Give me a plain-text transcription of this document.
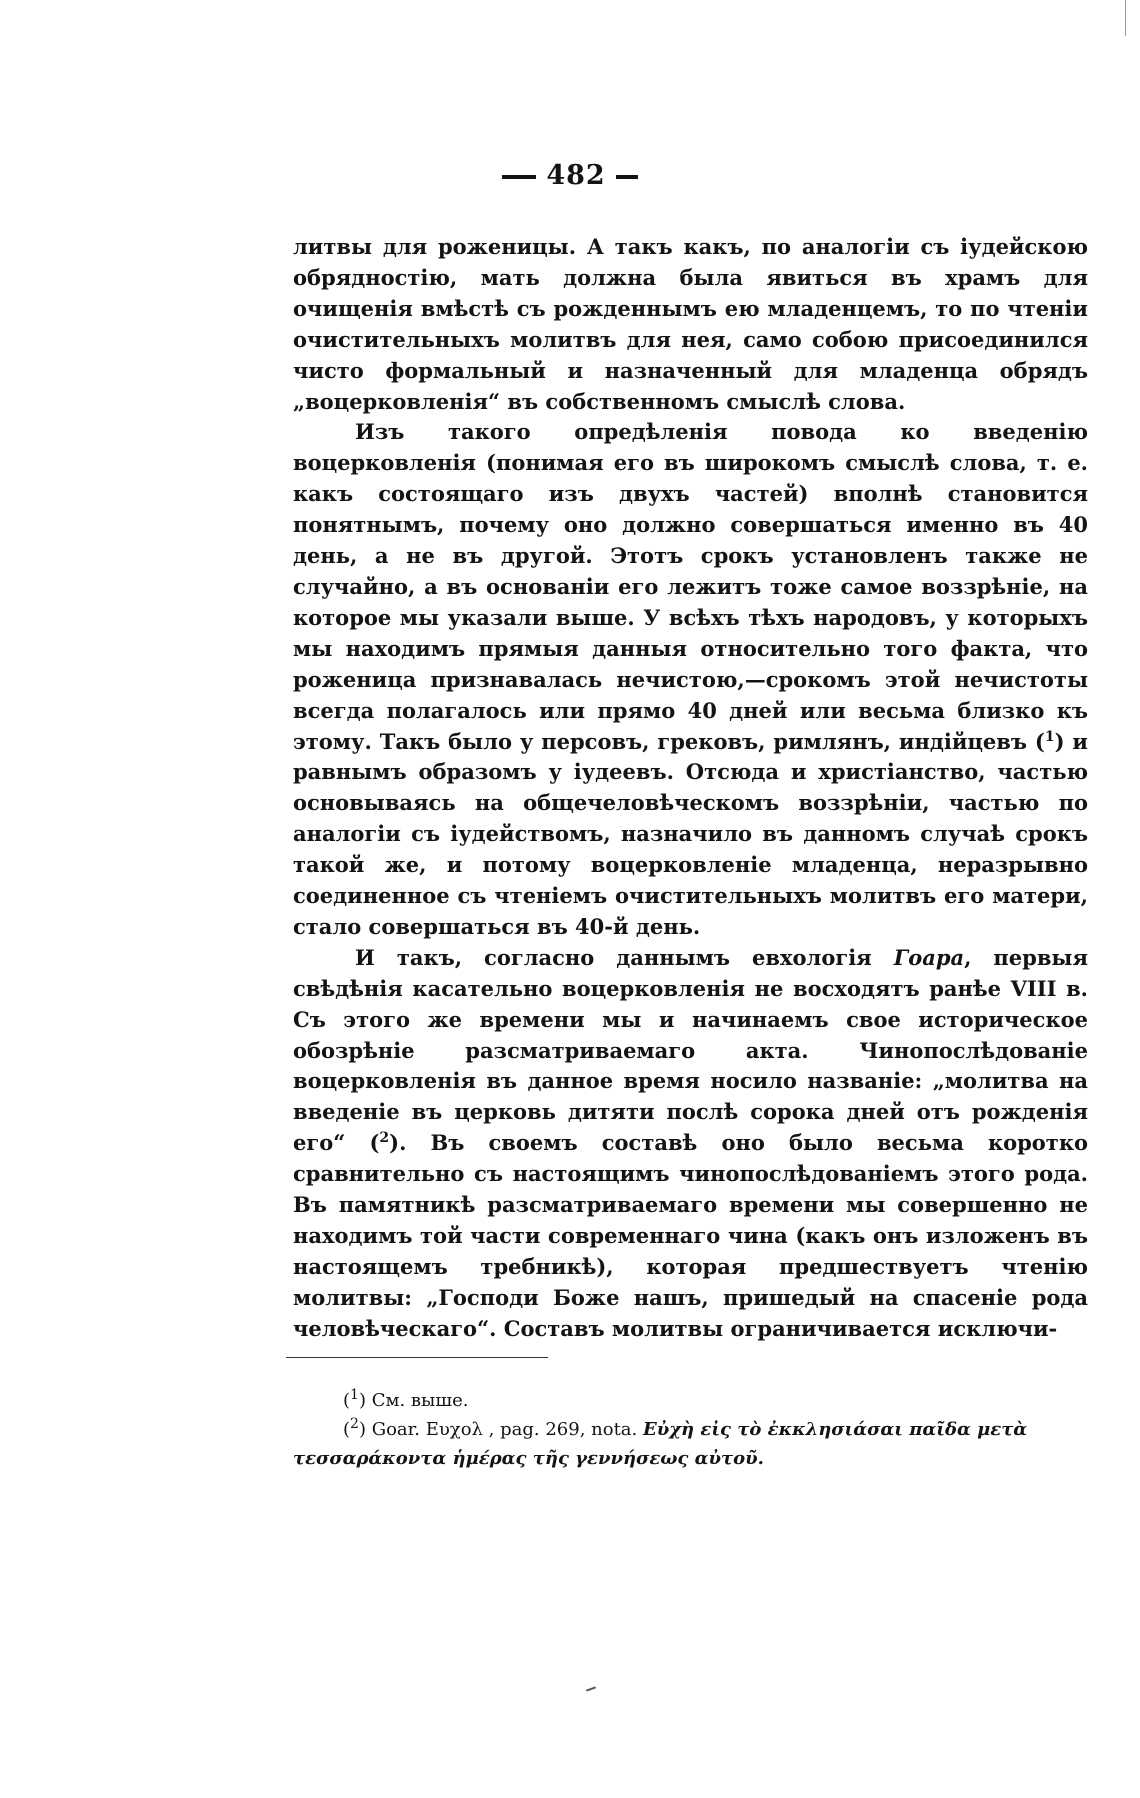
482

литвы для роженицы. А такъ какъ, по аналогіи съ іудейскою обрядностію, мать должна была явиться въ храмъ для очищенія вмѣстѣ съ рожденнымъ ею младенцемъ, то по чтеніи очистительныхъ молитвъ для нея, само собою присоединился чисто формальный и назначенный для младенца обрядъ „воцерковленія“ въ собственномъ смыслѣ слова.

Изъ такого опредѣленія повода ко введенію воцерковленія (понимая его въ широкомъ смыслѣ слова, т. е. какъ состоящаго изъ двухъ частей) вполнѣ становится понятнымъ, почему оно должно совершаться именно въ 40 день, а не въ другой. Этотъ срокъ установленъ также не случайно, а въ основаніи его лежитъ тоже самое воззрѣніе, на которое мы указали выше. У всѣхъ тѣхъ народовъ, у которыхъ мы находимъ прямыя данныя относительно того факта, что роженица признавалась нечистою,—срокомъ этой нечистоты всегда полагалось или прямо 40 дней или весьма близко къ этому. Такъ было у персовъ, грековъ, римлянъ, индійцевъ ($^1$) и равнымъ образомъ у іудеевъ. Отсюда и христіанство, частью основываясь на общечеловѣческомъ воззрѣніи, частью по аналогіи съ іудействомъ, назначило въ данномъ случаѣ срокъ такой же, и потому воцерковленіе младенца, неразрывно соединенное съ чтеніемъ очистительныхъ молитвъ его матери, стало совершаться въ 40-й день.

И такъ, согласно даннымъ евхологія Гоара, первыя свѣдѣнія касательно воцерковленія не восходятъ ранѣе VIII в. Съ этого же времени мы и начинаемъ свое историческое обозрѣніе разсматриваемаго акта. Чинопослѣдованіе воцерковленія въ данное время носило названіе: „молитва на введеніе въ церковь дитяти послѣ сорока дней отъ рожденія его“ ($^2$). Въ своемъ составѣ оно было весьма коротко сравнительно съ настоящимъ чинопослѣдованіемъ этого рода. Въ памятникѣ разсматриваемаго времени мы совершенно не находимъ той части современнаго чина (какъ онъ изложенъ въ настоящемъ требникѣ), которая предшествуетъ чтенію молитвы: „Господи Боже нашъ, пришедый на спасеніе рода человѣческаго“. Составъ молитвы ограничивается исключи-

($^1$) См. выше.

($^2$) Goar. Ευχολ , pag. 269, nota. Εὐχὴ εἰς τὸ ἐκκλησιάσαι παῖδα μετὰ τεσσαράκοντα ἡμέρας τῆς γεννήσεως αὐτοῦ.
